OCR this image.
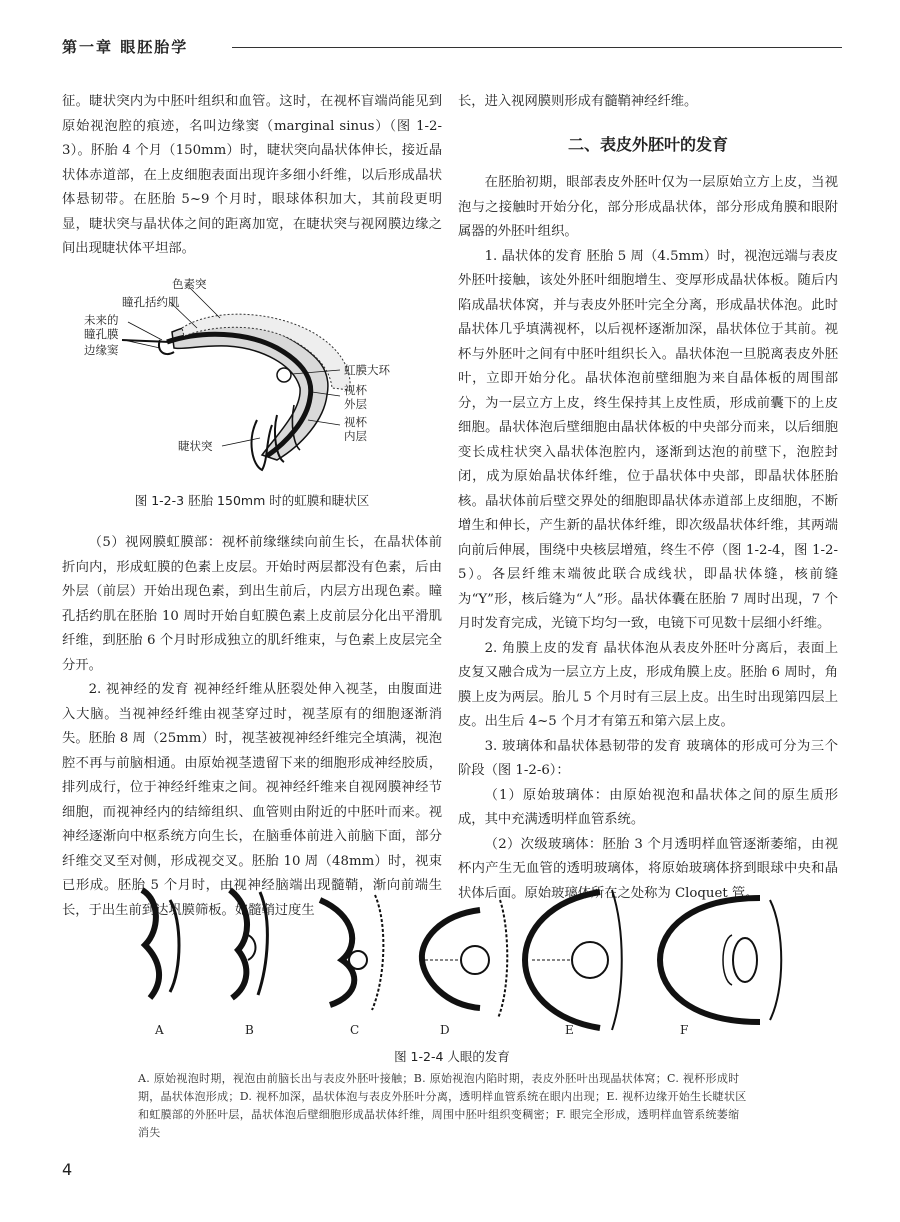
第一章 眼胚胎学

征。睫状突内为中胚叶组织和血管。这时，在视杯盲端尚能见到原始视泡腔的痕迹，名叫边缘窦（marginal sinus）（图 1-2-3）。肧胎 4 个月（150mm）时，睫状突向晶状体伸长，接近晶状体赤道部，在上皮细胞表面出现许多细小纤维，以后形成晶状体悬韧带。在胚胎 5~9 个月时，眼球体积加大，其前段更明显，睫状突与晶状体之间的距离加宽，在睫状突与视网膜边缘之间出现睫状体平坦部。

色素突
瞳孔括约肌
未来的
瞳孔膜
边缘窦
虹膜大环
视杯
外层
视杯
内层
睫状突

图 1-2-3 胚胎 150mm 时的虹膜和睫状区

（5）视网膜虹膜部：视杯前缘继续向前生长，在晶状体前折向内，形成虹膜的色素上皮层。开始时两层都没有色素，后由外层（前层）开始出现色素，到出生前后，内层方出现色素。瞳孔括约肌在胚胎 10 周时开始自虹膜色素上皮前层分化出平滑肌纤维，到胚胎 6 个月时形成独立的肌纤维束，与色素上皮层完全分开。

2. 视神经的发育 视神经纤维从胚裂处伸入视茎，由腹面进入大脑。当视神经纤维由视茎穿过时，视茎原有的细胞逐渐消失。胚胎 8 周（25mm）时，视茎被视神经纤维完全填满，视泡腔不再与前脑相通。由原始视茎遗留下来的细胞形成神经胶质，排列成行，位于神经纤维束之间。视神经纤维来自视网膜神经节细胞，而视神经内的结缔组织、血管则由附近的中胚叶而来。视神经逐渐向中枢系统方向生长，在脑垂体前进入前脑下面，部分纤维交叉至对侧，形成视交叉。胚胎 10 周（48mm）时，视束已形成。胚胎 5 个月时，由视神经脑端出现髓鞘，渐向前端生长，于出生前到达巩膜筛板。如髓鞘过度生

长，进入视网膜则形成有髓鞘神经纤维。

二、表皮外胚叶的发育

在胚胎初期，眼部表皮外胚叶仅为一层原始立方上皮，当视泡与之接触时开始分化，部分形成晶状体，部分形成角膜和眼附属器的外胚叶组织。

1. 晶状体的发育 胚胎 5 周（4.5mm）时，视泡远端与表皮外胚叶接触，该处外胚叶细胞增生、变厚形成晶状体板。随后内陷成晶状体窝，并与表皮外胚叶完全分离，形成晶状体泡。此时晶状体几乎填满视杯，以后视杯逐渐加深，晶状体位于其前。视杯与外胚叶之间有中胚叶组织长入。晶状体泡一旦脱离表皮外胚叶，立即开始分化。晶状体泡前壁细胞为来自晶体板的周围部分，为一层立方上皮，终生保持其上皮性质，形成前囊下的上皮细胞。晶状体泡后壁细胞由晶状体板的中央部分而来，以后细胞变长成柱状突入晶状体泡腔内，逐渐到达泡的前壁下，泡腔封闭，成为原始晶状体纤维，位于晶状体中央部，即晶状体胚胎核。晶状体前后壁交界处的细胞即晶状体赤道部上皮细胞，不断增生和伸长，产生新的晶状体纤维，即次级晶状体纤维，其两端向前后伸展，围绕中央核层增殖，终生不停（图 1-2-4，图 1-2-5）。各层纤维末端彼此联合成线状，即晶状体缝，核前缝为“Y”形，核后缝为“人”形。晶状体囊在胚胎 7 周时出现，7 个月时发育完成，光镜下均匀一致，电镜下可见数十层细小纤维。

2. 角膜上皮的发育 晶状体泡从表皮外胚叶分离后，表面上皮复又融合成为一层立方上皮，形成角膜上皮。胚胎 6 周时，角膜上皮为两层。胎儿 5 个月时有三层上皮。出生时出现第四层上皮。出生后 4~5 个月才有第五和第六层上皮。

3. 玻璃体和晶状体悬韧带的发育 玻璃体的形成可分为三个阶段（图 1-2-6）：

（1）原始玻璃体：由原始视泡和晶状体之间的原生质形成，其中充满透明样血管系统。

（2）次级玻璃体：胚胎 3 个月透明样血管逐渐萎缩，由视杯内产生无血管的透明玻璃体，将原始玻璃体挤到眼球中央和晶状体后面。原始玻璃体所在之处称为 Cloquet 管。

A	B	C	D	E	F
图 1-2-4 人眼的发育
A. 原始视泡时期，视泡由前脑长出与表皮外胚叶接触；B. 原始视泡内陷时期，表皮外胚叶出现晶状体窝；C. 视杯形成时期，晶状体泡形成；D. 视杯加深，晶状体泡与表皮外胚叶分离，透明样血管系统在眼内出现；E. 视杯边缘开始生长睫状区和虹膜部的外胚叶层，晶状体泡后壁细胞形成晶状体纤维，周围中胚叶组织变稠密；F. 眼完全形成，透明样血管系统萎缩消失
4
